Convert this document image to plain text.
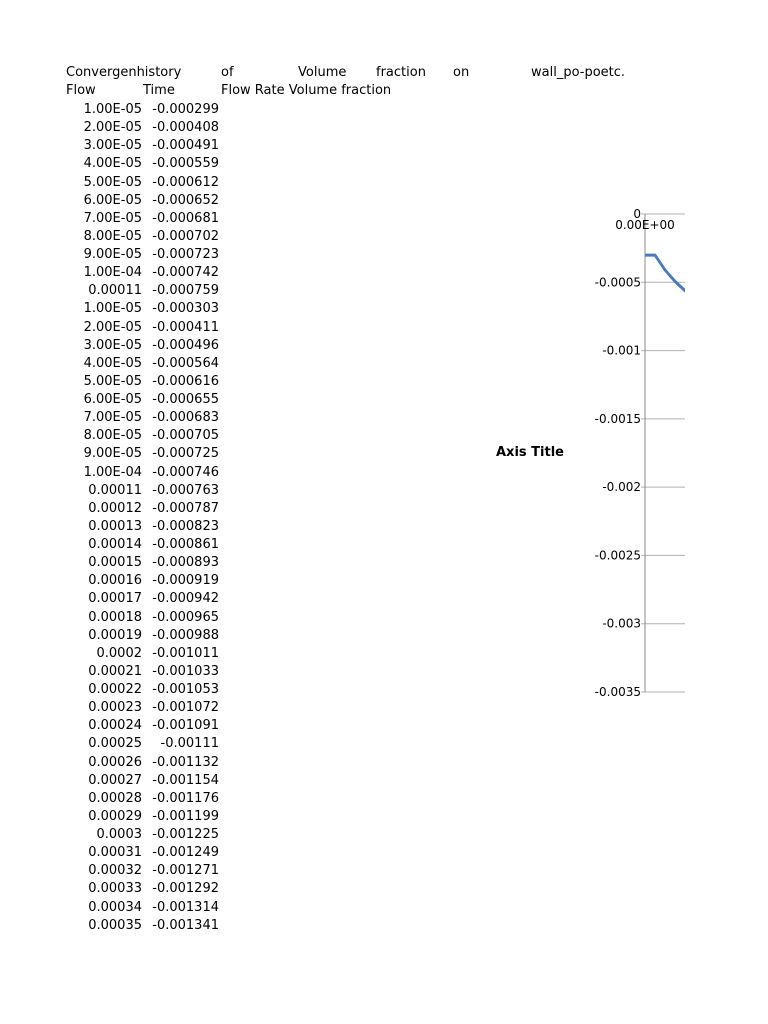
Convergenhistory	of	Volume fraction on	wall_po-poetc.
Flow	Time	Flow Rate Volume fraction
1.00E-05	-0.000299
2.00E-05	-0.000408
3.00E-05	-0.000491
4.00E-05	-0.000559
5.00E-05	-0.000612
6.00E-05	-0.000652
7.00E-05	-0.000681
8.00E-05	-0.000702
9.00E-05	-0.000723
1.00E-04	-0.000742
0.00011	-0.000759
1.00E-05	-0.000303
2.00E-05	-0.000411
3.00E-05	-0.000496
4.00E-05	-0.000564
5.00E-05	-0.000616
6.00E-05	-0.000655
7.00E-05	-0.000683
8.00E-05	-0.000705
9.00E-05	-0.000725
1.00E-04	-0.000746
0.00011	-0.000763
0.00012	-0.000787
0.00013	-0.000823
0.00014	-0.000861
0.00015	-0.000893
0.00016	-0.000919
0.00017	-0.000942
0.00018	-0.000965
0.00019	-0.000988
0.0002	-0.001011
0.00021	-0.001033
0.00022	-0.001053
0.00023	-0.001072
0.00024	-0.001091
0.00025	-0.00111
0.00026	-0.001132
0.00027	-0.001154
0.00028	-0.001176
0.00029	-0.001199
0.0003	-0.001225
0.00031	-0.001249
0.00032	-0.001271
0.00033	-0.001292
0.00034	-0.001314
0.00035	-0.001341
Axis Title
0
-0.0005
-0.001
-0.0015
-0.002
-0.0025
-0.003
-0.0035
0.00E+00
